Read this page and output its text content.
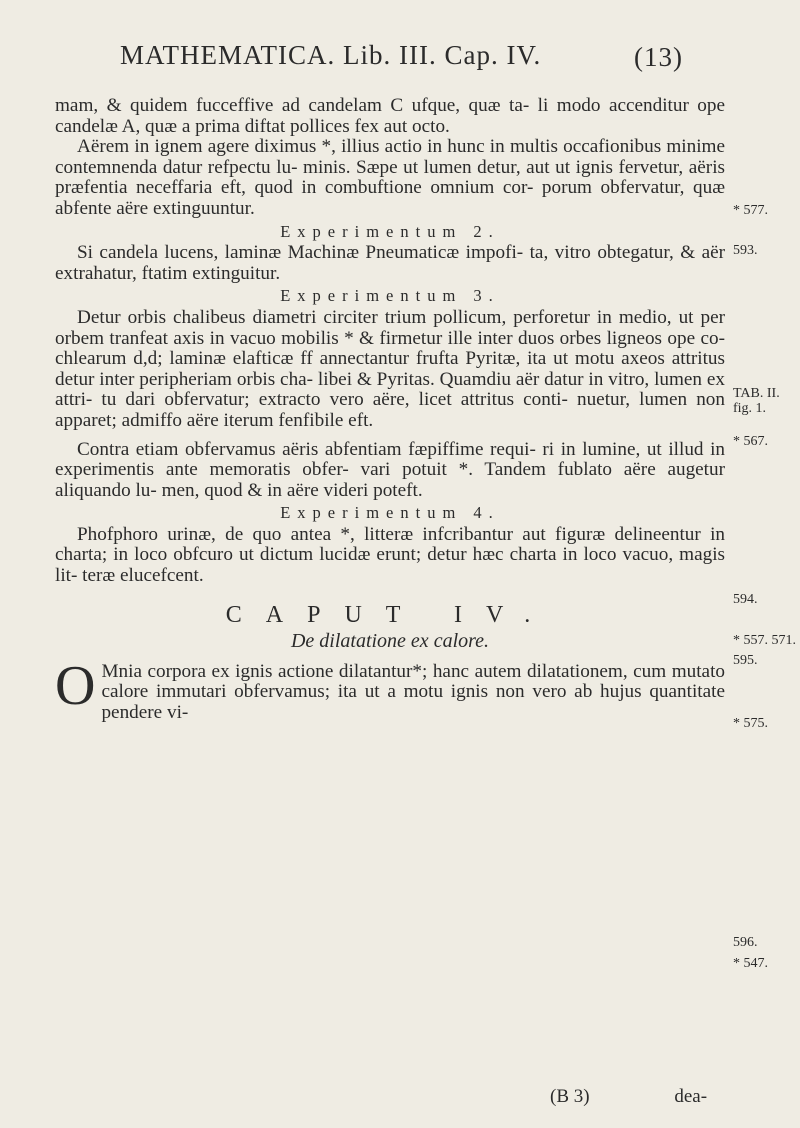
MATHEMATICA. Lib. III. Cap. IV.	(13)

mam, & quidem fucceffive ad candelam C ufque, quæ ta- li modo accenditur ope candelæ A, quæ a prima diftat pollices fex aut octo.

Aërem in ignem agere diximus *, illius actio in hunc in multis occafionibus minime contemnenda datur refpectu lu- minis. Sæpe ut lumen detur, aut ut ignis fervetur, aëris præfentia neceffaria eft, quod in combuftione omnium cor- porum obfervatur, quæ abfente aëre extinguuntur.

Experimentum 2.

Si candela lucens, laminæ Machinæ Pneumaticæ impofi- ta, vitro obtegatur, & aër extrahatur, ftatim extinguitur.

Experimentum 3.

Detur orbis chalibeus diametri circiter trium pollicum, perforetur in medio, ut per orbem tranfeat axis in vacuo mobilis * & firmetur ille inter duos orbes ligneos ope co- chlearum d,d; laminæ elafticæ ff annectantur frufta Pyritæ, ita ut motu axeos attritus detur inter peripheriam orbis cha- libei & Pyritas. Quamdiu aër datur in vitro, lumen ex attri- tu dari obfervatur; extracto vero aëre, licet attritus conti- nuetur, lumen non apparet; admiffo aëre iterum fenfibile eft.

Contra etiam obfervamus aëris abfentiam fæpiffime requi- ri in lumine, ut illud in experimentis ante memoratis obfer- vari potuit *. Tandem fublato aëre augetur aliquando lu- men, quod & in aëre videri poteft.

Experimentum 4.

Phofphoro urinæ, de quo antea *, litteræ infcribantur aut figuræ delineentur in charta; in loco obfcuro ut dictum lucidæ erunt; detur hæc charta in loco vacuo, magis lit- teræ elucefcent.

CAPUT IV.
De dilatatione ex calore.

O Mnia corpora ex ignis actione dilatantur*; hanc autem dilatationem, cum mutato calore immutari obfervamus; ita ut a motu ignis non vero ab hujus quantitate pendere vi-

* 577.
593.
TAB. II.
fig. 1.
* 567.
594.
* 557. 571.
595.
* 575.
596.
* 547.
(B 3)	dea-
